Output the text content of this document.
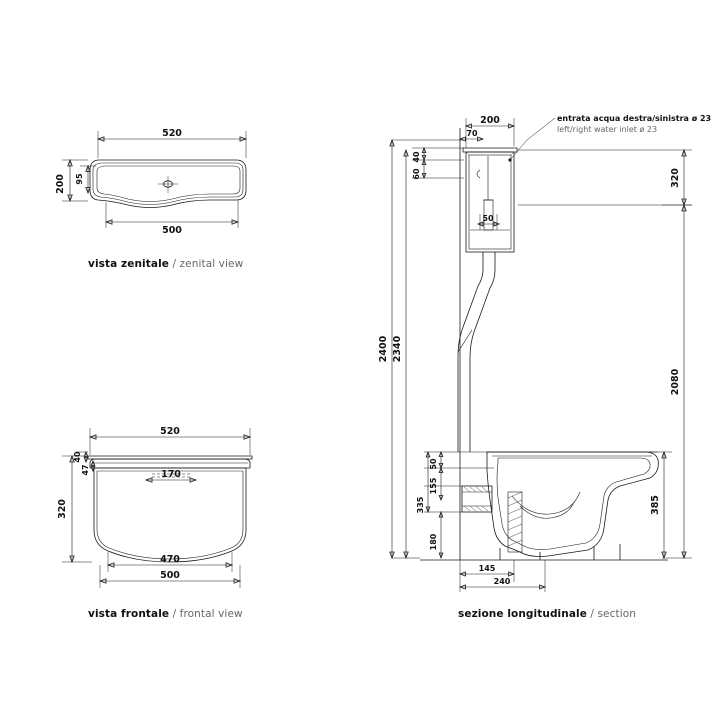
520
500
200 95
520
170
470
500
320
40
47
200
70
50
40
60
2400 2340
320
2080
385
50
155
335
180
145
240
entrata acqua destra/sinistra ø 23
left/right water inlet ø 23
vista zenitale / zenital view
vista frontale / frontal view	sezione longitudinale / section
